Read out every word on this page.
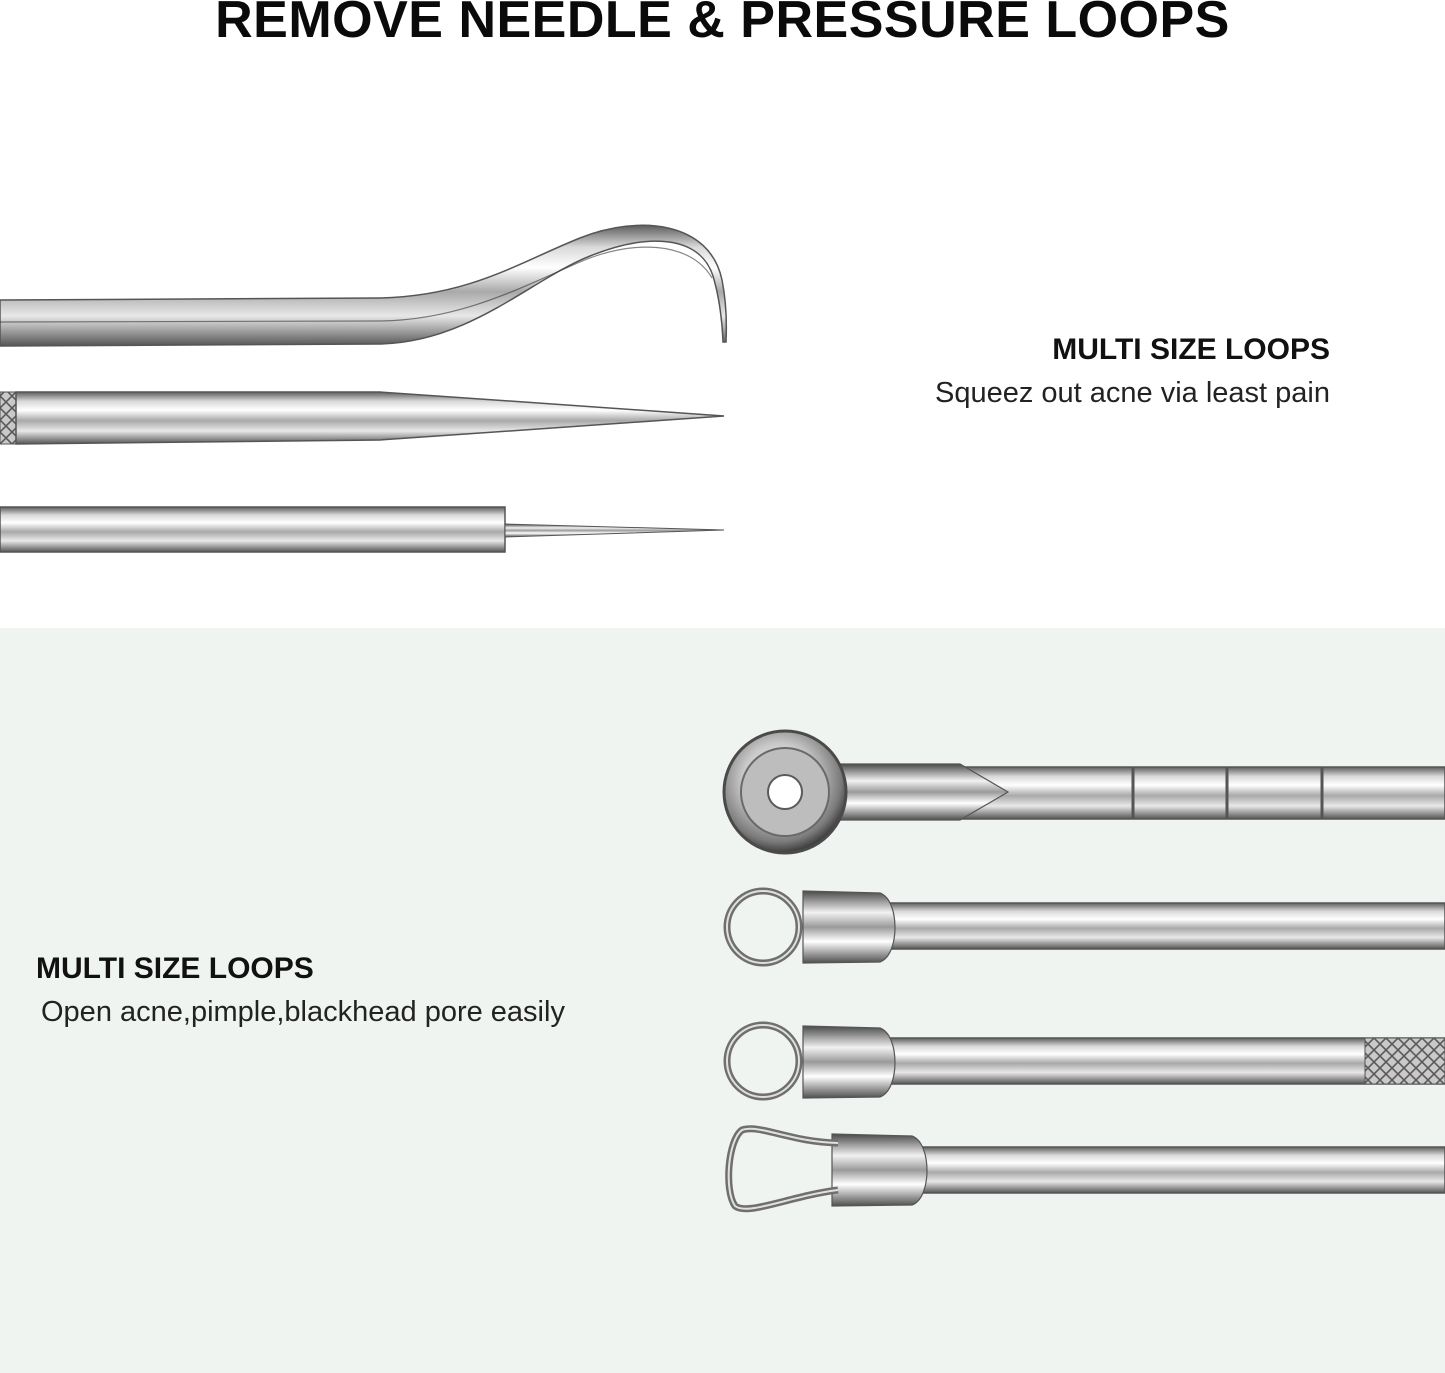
REMOVE NEEDLE & PRESSURE LOOPS
MULTI SIZE LOOPS

Squeez out acne via least pain

MULTI SIZE LOOPS

Open acne,pimple,blackhead pore easily
